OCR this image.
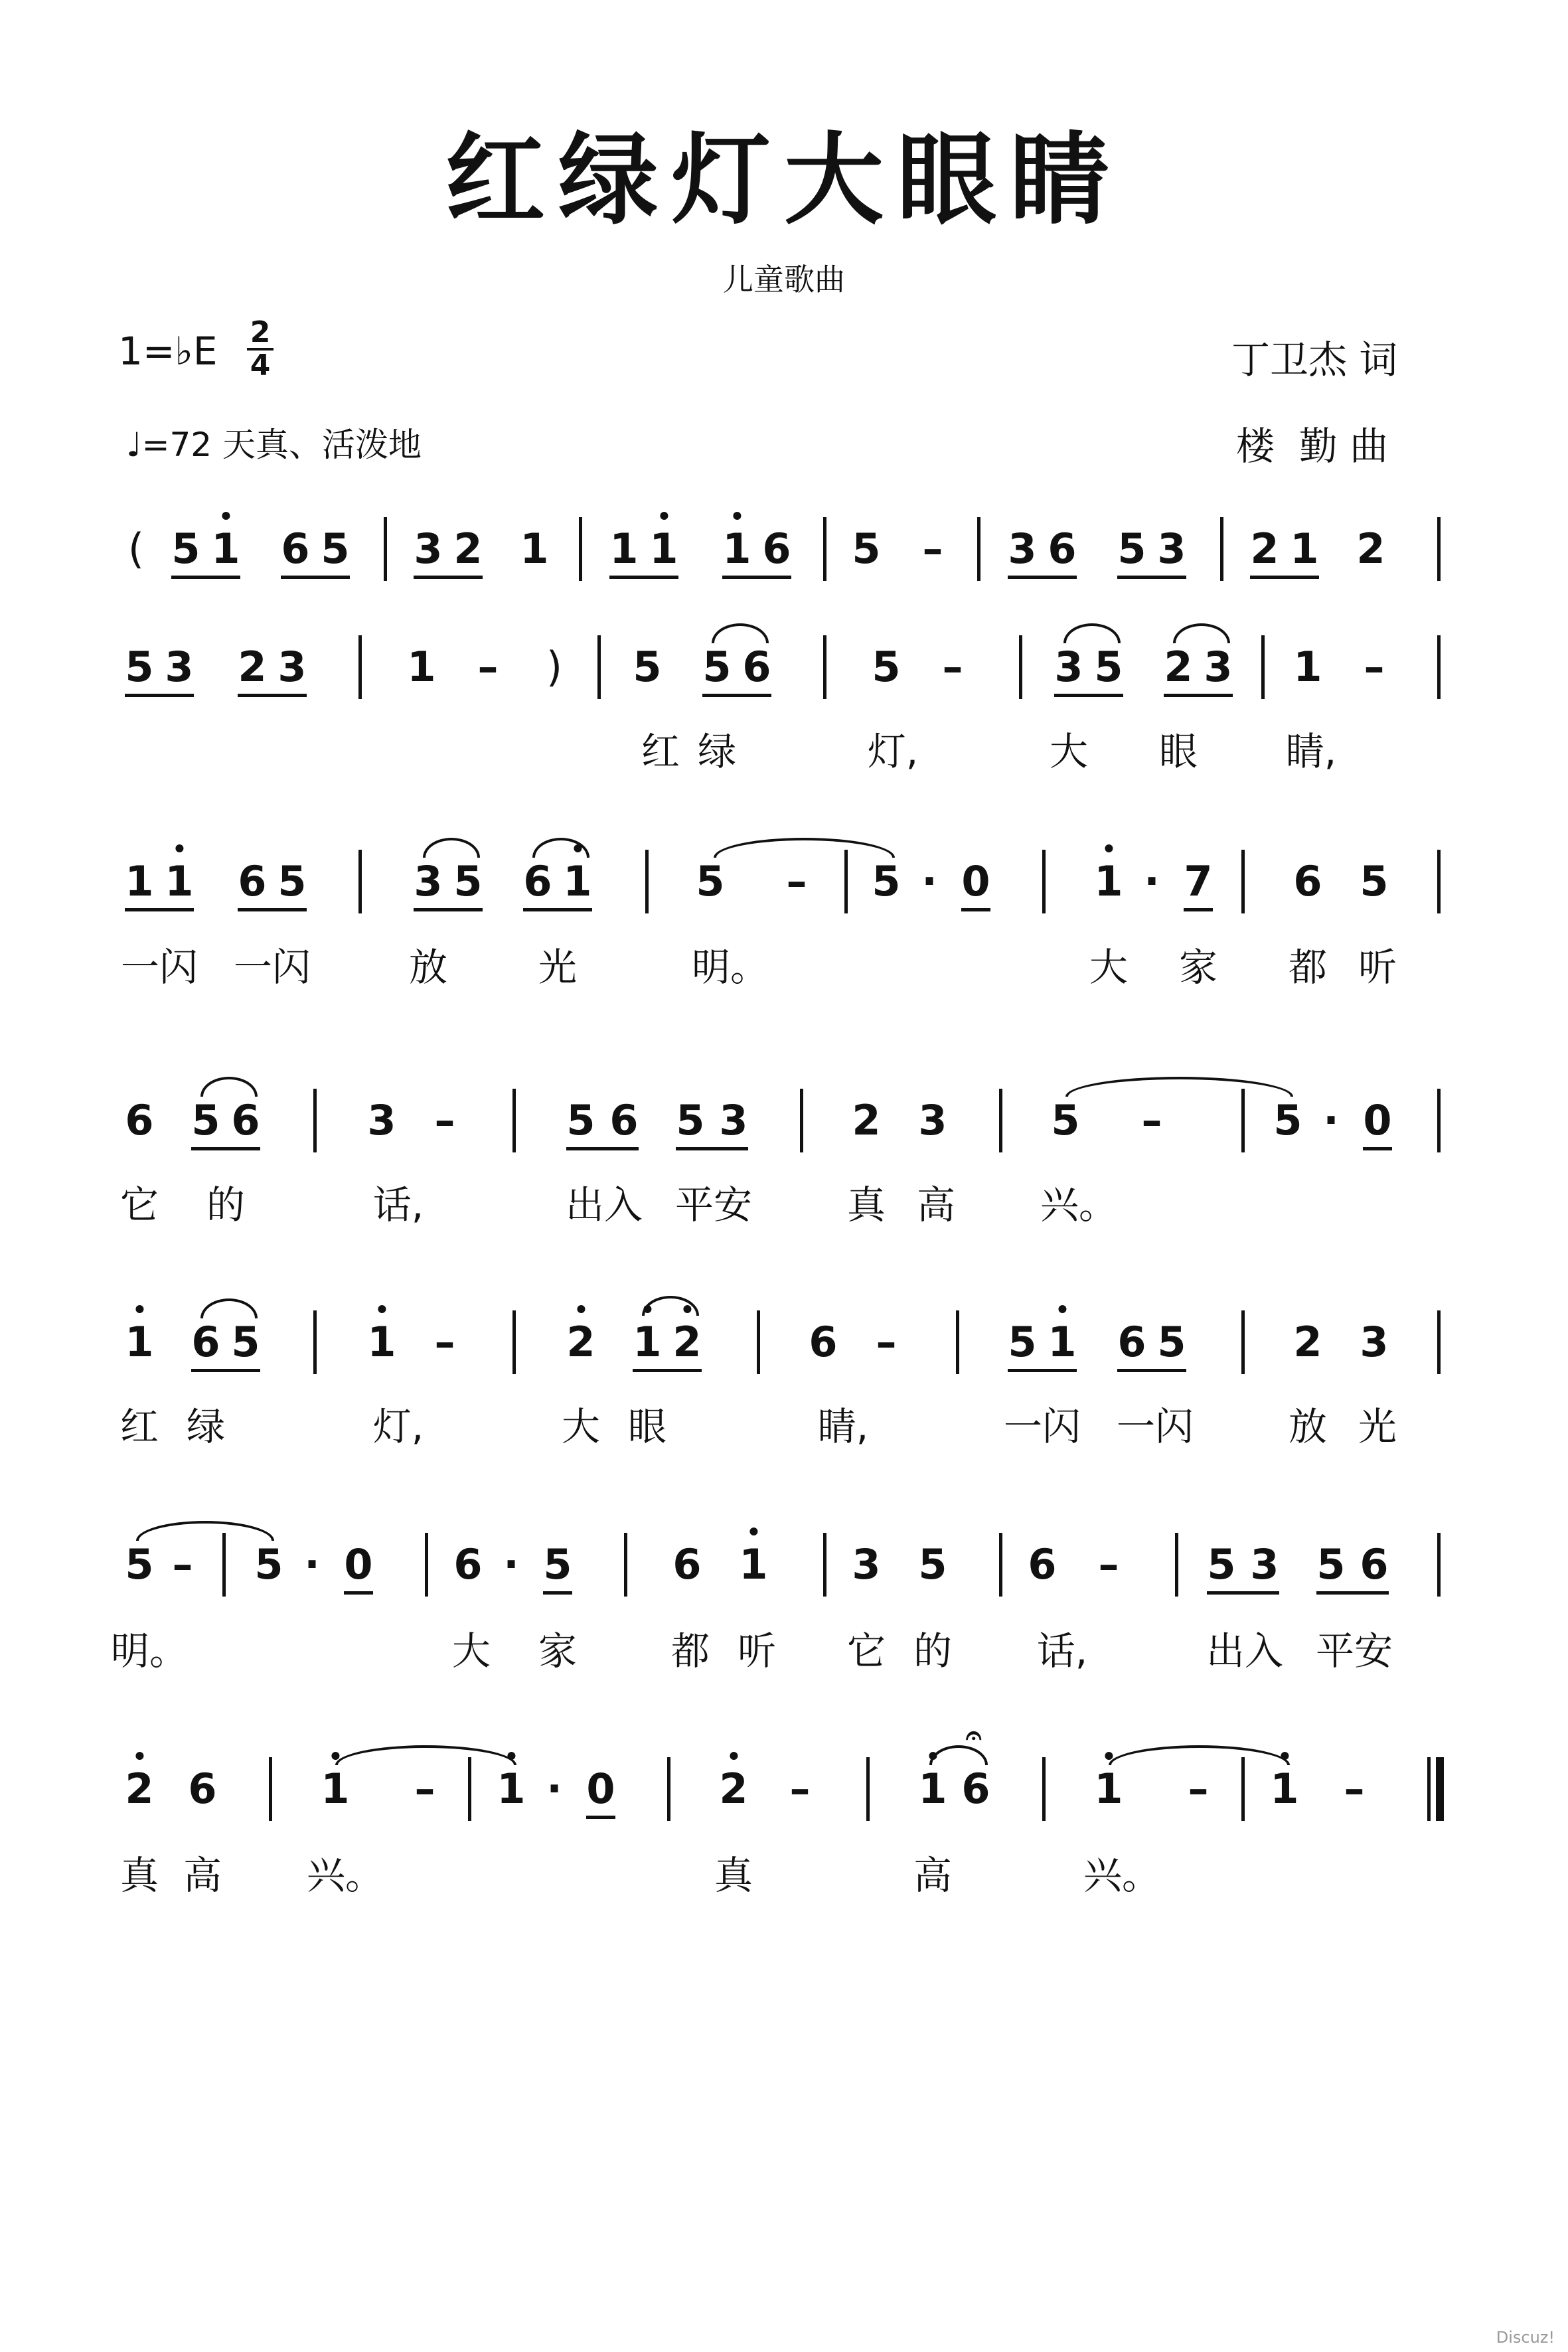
红绿灯大眼睛
儿童歌曲
1=♭E 2
4	丁卫杰 词
♩=72 天真、活泼地	楼  勤 曲
( 5 1 6 5 3 2 1 1 1 1 6 5 – 3 6 5 3 2 1 2
5 3 2 3 1 – ) 5 5 6 5 – 3 5 2 3 1 –
红 绿	灯,	大 眼 睛,
1 1 6 5	3 5 6 1	5 – 5 · 0	1 · 7 6 5
一闪 一闪	放 光	明。	大 家 都 听
6 5 6	3 –	5 6 5 3	2 3	5 –	5 · 0
它 的	话,	出入 平安 真 高 兴。
1 6 5	1 –	2 1 2	6 –	5 1 6 5	2 3
红 绿	灯,	大 眼	睛,	一闪 一闪 放 光
5 – 5 · 0 6 · 5 6 1 3 5 6 – 5 3 5 6
明。	大 家 都 听 它 的 话,	出入 平安
2 6	1 – 1 · 0	2 –	1 6
𝄐
1 – 1 –
真 高 兴。	真	高	兴。
Discuz!
